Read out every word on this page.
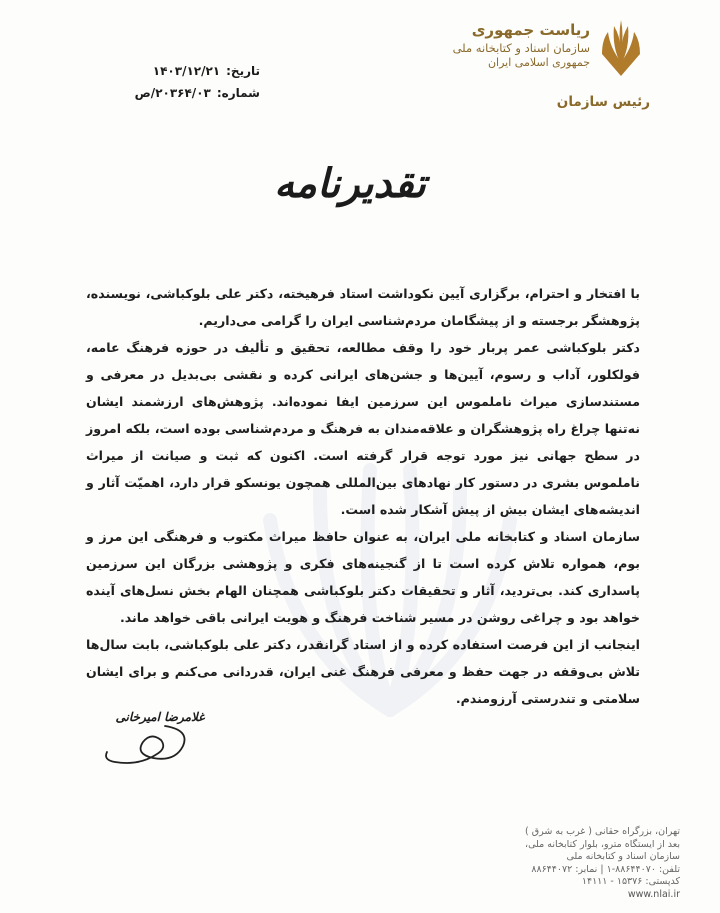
ریاست جمهوری
سازمان اسناد و کتابخانه ملی
جمهوری اسلامی ایران
رئیس سازمان
تاریخ:
۱۴۰۳/۱۲/۲۱
شماره:
۲۰۳۶۴/۰۳/ص
تقدیرنامه

با افتخار و احترام، برگزاری آیین نکوداشت استاد فرهیخته، دکتر علی بلوکباشی، نویسنده، پژوهشگر برجسته و از پیشگامان مردم‌شناسی ایران را گرامی می‌داریم.

دکتر بلوکباشی عمر پربار خود را وقف مطالعه، تحقیق و تألیف در حوزه فرهنگ عامه، فولکلور، آداب و رسوم، آیین‌ها و جشن‌های ایرانی کرده و نقشی بی‌بدیل در معرفی و مستندسازی میراث ناملموس این سرزمین ایفا نموده‌اند. پژوهش‌های ارزشمند ایشان نه‌تنها چراغ راه پژوهشگران و علاقه‌مندان به فرهنگ و مردم‌شناسی بوده است، بلکه امروز در سطح جهانی نیز مورد توجه قرار گرفته است. اکنون که ثبت و صیانت از میراث ناملموس بشری در دستور کار نهادهای بین‌المللی همچون یونسکو قرار دارد، اهمیّت آثار و اندیشه‌های ایشان بیش از پیش آشکار شده است.

سازمان اسناد و کتابخانه ملی ایران، به عنوان حافظ میراث مکتوب و فرهنگی این مرز و بوم، همواره تلاش کرده است تا از گنجینه‌های فکری و پژوهشی بزرگان این سرزمین پاسداری کند. بی‌تردید، آثار و تحقیقات دکتر بلوکباشی همچنان الهام بخش نسل‌های آینده خواهد بود و چراغی روشن در مسیر شناخت فرهنگ و هویت ایرانی باقی خواهد ماند.

اینجانب از این فرصت استفاده کرده و از استاد گرانقدر، دکتر علی بلوکباشی، بابت سال‌ها تلاش بی‌وقفه در جهت حفظ و معرفی فرهنگ غنی ایران، قدردانی می‌کنم و برای ایشان سلامتی و تندرستی آرزومندم.

غلامرضا امیرخانی
تهران، بزرگراه حقانی ( غرب به شرق )
بعد از ایستگاه مترو، بلوار کتابخانه ملی،
سازمان اسناد و کتابخانه ملی
تلفن: ۸۸۶۴۴۰۷۰-۱ | نمابر: ۸۸۶۴۴۰۷۲
کدپستی: ۱۵۳۷۶ - ۱۴۱۱۱
www.nlai.ir
